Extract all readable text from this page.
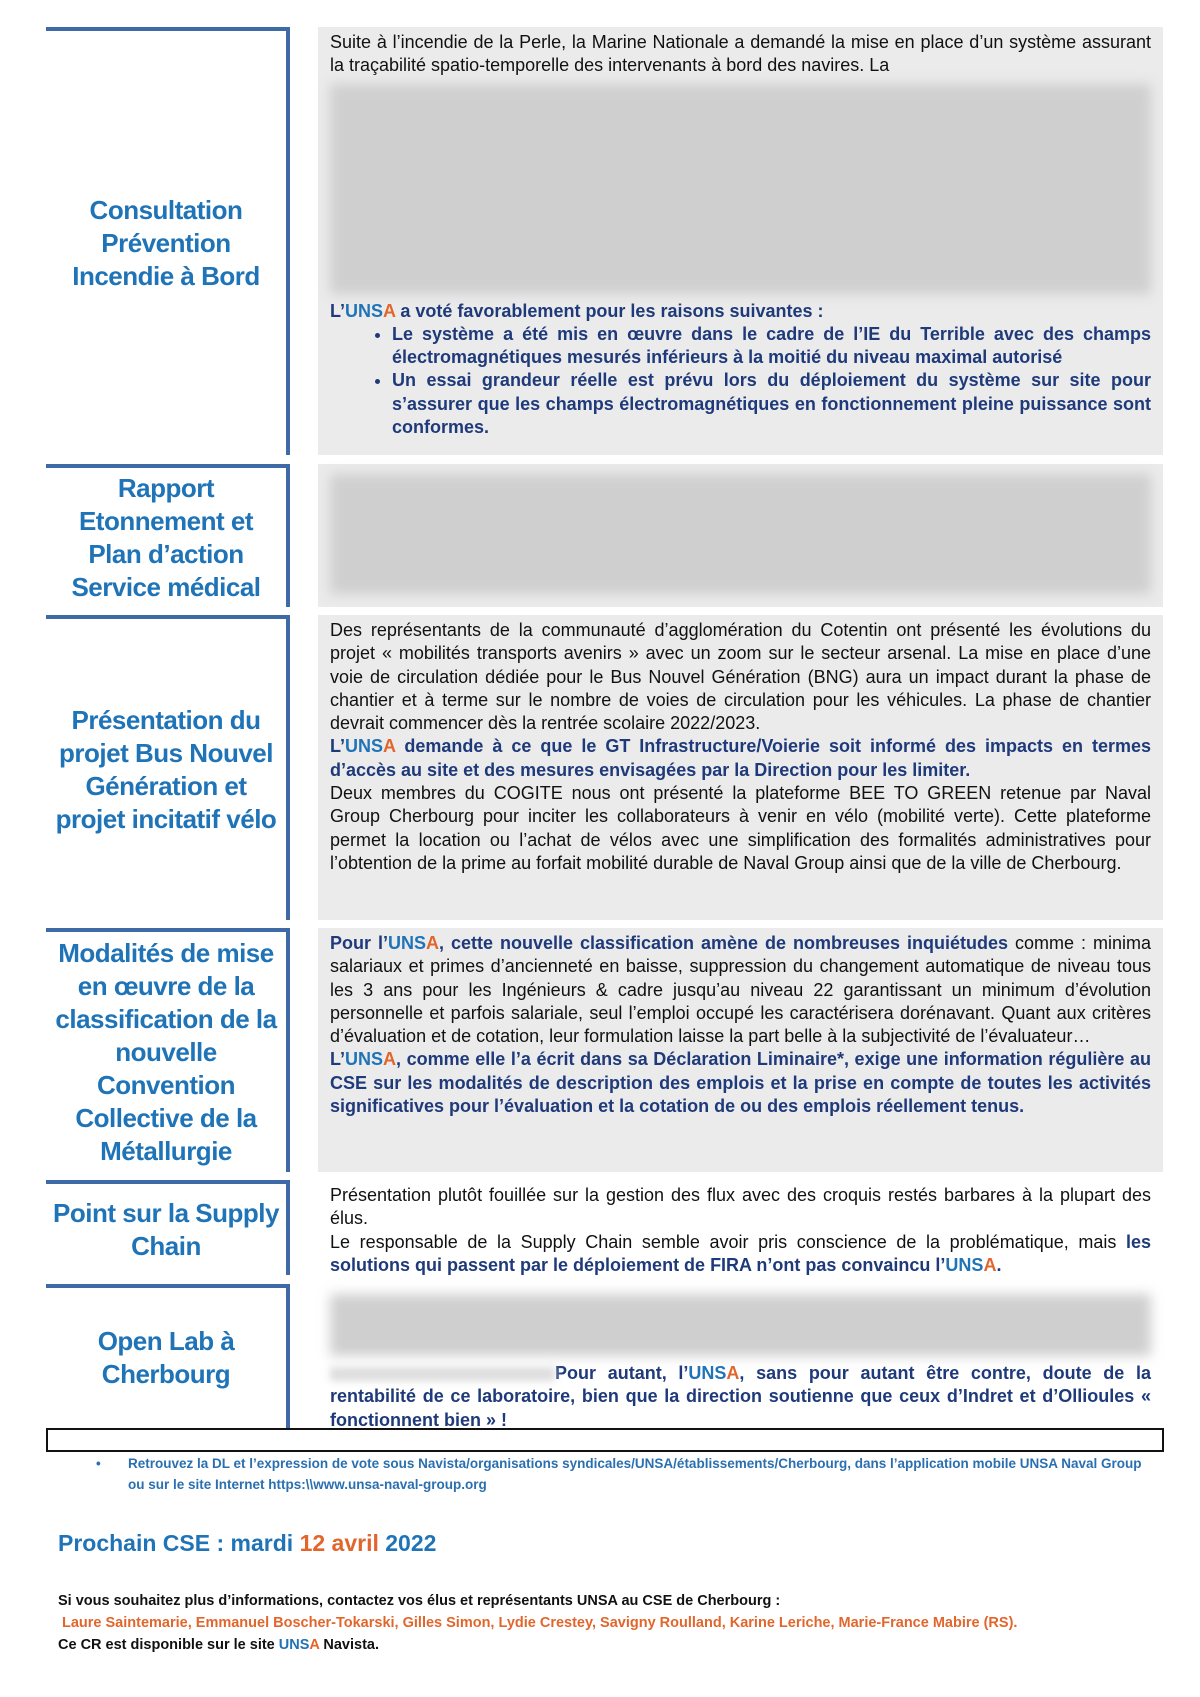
Consultation
Prévention
Incendie à Bord
Suite à l’incendie de la Perle, la Marine Nationale a demandé la mise en place d’un système assurant la traçabilité spatio-temporelle des intervenants à bord des navires. La
L’UNSA a voté favorablement pour les raisons suivantes :
• Le système a été mis en œuvre dans le cadre de l’IE du Terrible avec des champs électromagnétiques mesurés inférieurs à la moitié du niveau maximal autorisé
• Un essai grandeur réelle est prévu lors du déploiement du système sur site pour s’assurer que les champs électromagnétiques en fonctionnement pleine puissance sont conformes.
Rapport
Etonnement et
Plan d’action
Service médical
Présentation du
projet Bus Nouvel
Génération et
projet incitatif vélo
Des représentants de la communauté d’agglomération du Cotentin ont présenté les évolutions du projet « mobilités transports avenirs » avec un zoom sur le secteur arsenal. La mise en place d’une voie de circulation dédiée pour le Bus Nouvel Génération (BNG) aura un impact durant la phase de chantier et à terme sur le nombre de voies de circulation pour les véhicules. La phase de chantier devrait commencer dès la rentrée scolaire 2022/2023.
L’UNSA demande à ce que le GT Infrastructure/Voierie soit informé des impacts en termes d’accès au site et des mesures envisagées par la Direction pour les limiter.
Deux membres du COGITE nous ont présenté la plateforme BEE TO GREEN retenue par Naval Group Cherbourg pour inciter les collaborateurs à venir en vélo (mobilité verte). Cette plateforme permet la location ou l’achat de vélos avec une simplification des formalités administratives pour l’obtention de la prime au forfait mobilité durable de Naval Group ainsi que de la ville de Cherbourg.
Modalités de mise
en œuvre de la
classification de la
nouvelle
Convention
Collective de la
Métallurgie
Pour l’UNSA, cette nouvelle classification amène de nombreuses inquiétudes comme : minima salariaux et primes d’ancienneté en baisse, suppression du changement automatique de niveau tous les 3 ans pour les Ingénieurs & cadre jusqu’au niveau 22 garantissant un minimum d’évolution personnelle et parfois salariale, seul l’emploi occupé les caractérisera dorénavant. Quant aux critères d’évaluation et de cotation, leur formulation laisse la part belle à la subjectivité de l’évaluateur…
L’UNSA, comme elle l’a écrit dans sa Déclaration Liminaire*, exige une information régulière au CSE sur les modalités de description des emplois et la prise en compte de toutes les activités significatives pour l’évaluation et la cotation de ou des emplois réellement tenus.
Point sur la Supply
Chain
Présentation plutôt fouillée sur la gestion des flux avec des croquis restés barbares à la plupart des élus.
Le responsable de la Supply Chain semble avoir pris conscience de la problématique, mais les solutions qui passent par le déploiement de FIRA n’ont pas convaincu l’UNSA.
Open Lab à
Cherbourg	Pour autant, l’UNSA, sans pour autant être contre, doute de la rentabilité de ce laboratoire, bien que la direction soutienne que ceux d’Indret et d’Ollioules « fonctionnent bien » !
• Retrouvez la DL et l’expression de vote sous Navista/organisations syndicales/UNSA/établissements/Cherbourg, dans l’application mobile UNSA Naval Group ou sur le site Internet https:\\www.unsa-naval-group.org
Prochain CSE : mardi 12 avril 2022
Si vous souhaitez plus d’informations, contactez vos élus et représentants UNSA au CSE de Cherbourg :
Laure Saintemarie, Emmanuel Boscher-Tokarski, Gilles Simon, Lydie Crestey, Savigny Roulland, Karine Leriche, Marie-France Mabire (RS).
Ce CR est disponible sur le site UNSA Navista.
